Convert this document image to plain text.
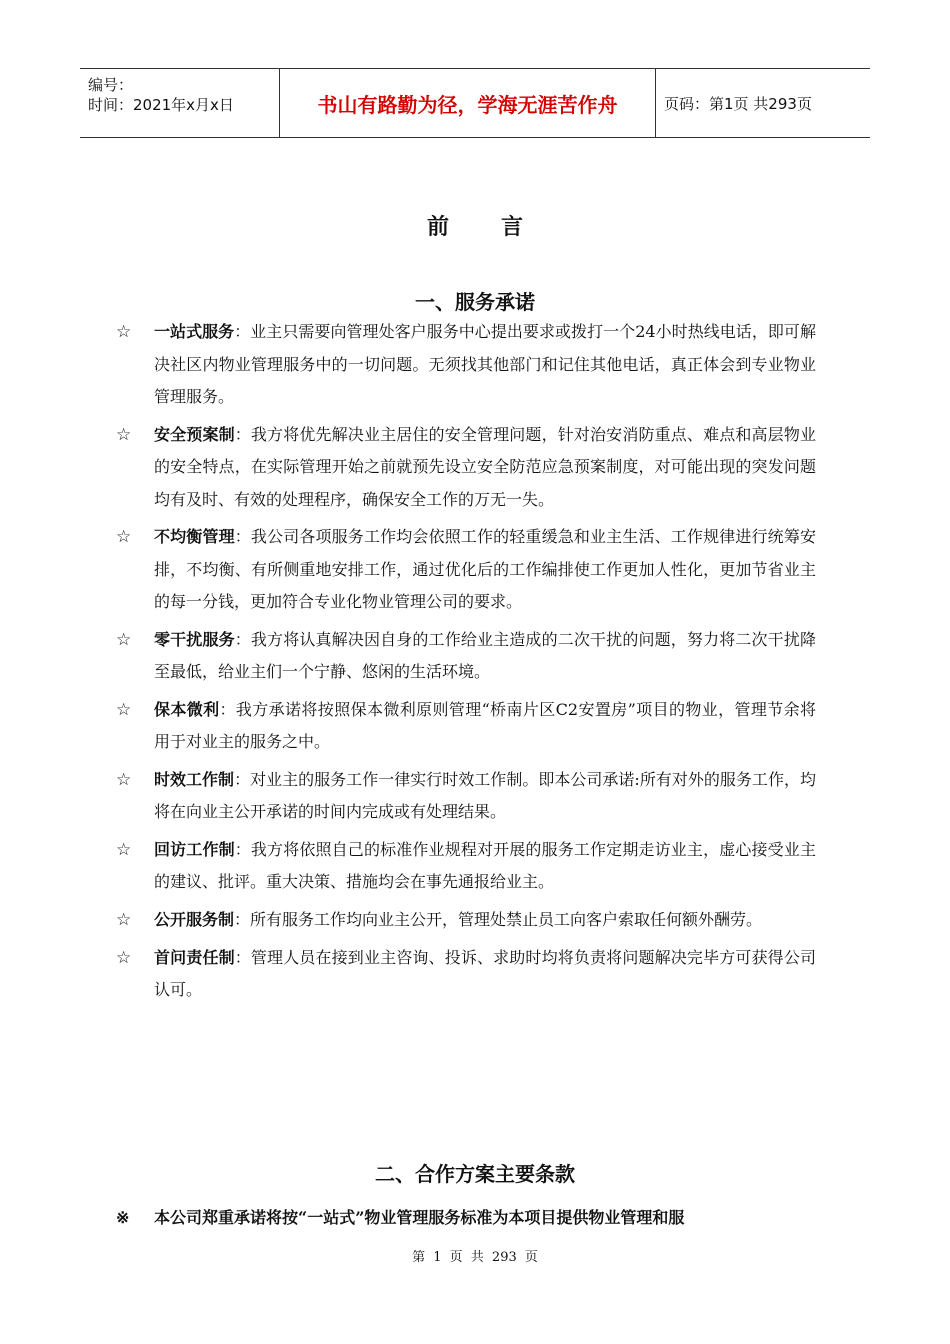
编号：
时间：2021年x月x日	书山有路勤为径，学海无涯苦作舟	页码：第1页 共293页
前言
一、服务承诺
☆	一站式服务：业主只需要向管理处客户服务中心提出要求或拨打一个24小时热线电话，即可解决社区内物业管理服务中的一切问题。无须找其他部门和记住其他电话，真正体会到专业物业管理服务。
☆	安全预案制：我方将优先解决业主居住的安全管理问题，针对治安消防重点、难点和高层物业的安全特点，在实际管理开始之前就预先设立安全防范应急预案制度，对可能出现的突发问题均有及时、有效的处理程序，确保安全工作的万无一失。
☆	不均衡管理：我公司各项服务工作均会依照工作的轻重缓急和业主生活、工作规律进行统筹安排，不均衡、有所侧重地安排工作，通过优化后的工作编排使工作更加人性化，更加节省业主的每一分钱，更加符合专业化物业管理公司的要求。
☆	零干扰服务：我方将认真解决因自身的工作给业主造成的二次干扰的问题，努力将二次干扰降至最低，给业主们一个宁静、悠闲的生活环境。
☆	保本微利：我方承诺将按照保本微利原则管理“桥南片区C2安置房”项目的物业，管理节余将用于对业主的服务之中。
☆	时效工作制：对业主的服务工作一律实行时效工作制。即本公司承诺:所有对外的服务工作，均将在向业主公开承诺的时间内完成或有处理结果。
☆	回访工作制：我方将依照自己的标准作业规程对开展的服务工作定期走访业主，虚心接受业主的建议、批评。重大决策、措施均会在事先通报给业主。
☆	公开服务制：所有服务工作均向业主公开，管理处禁止员工向客户索取任何额外酬劳。
☆	首问责任制：管理人员在接到业主咨询、投诉、求助时均将负责将问题解决完毕方可获得公司认可。
二、合作方案主要条款
※	本公司郑重承诺将按“一站式”物业管理服务标准为本项目提供物业管理和服
第 1 页 共 293 页
